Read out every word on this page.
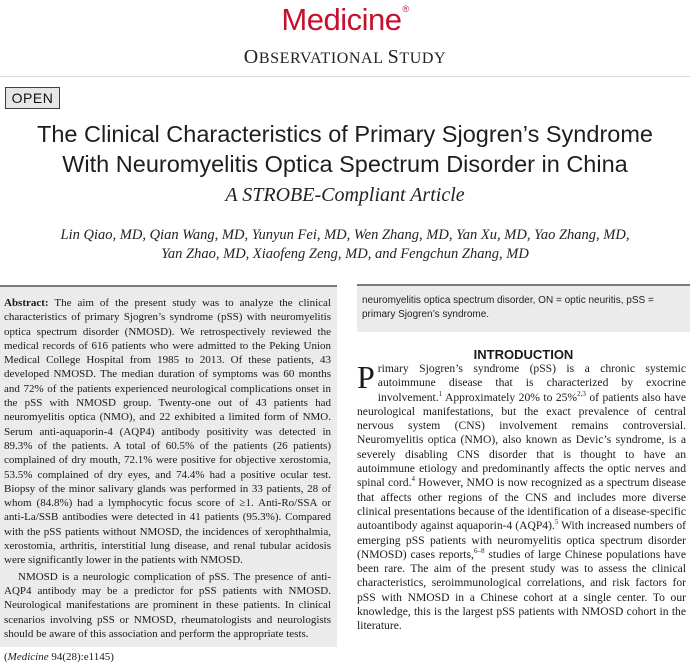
Medicine®
OBSERVATIONAL STUDY
OPEN
The Clinical Characteristics of Primary Sjogren’s Syndrome
With Neuromyelitis Optica Spectrum Disorder in China
A STROBE-Compliant Article
Lin Qiao, MD, Qian Wang, MD, Yunyun Fei, MD, Wen Zhang, MD, Yan Xu, MD, Yao Zhang, MD,
Yan Zhao, MD, Xiaofeng Zeng, MD, and Fengchun Zhang, MD

Abstract: The aim of the present study was to analyze the clinical characteristics of primary Sjogren’s syndrome (pSS) with neuromyelitis optica spectrum disorder (NMOSD). We retrospectively reviewed the medical records of 616 patients who were admitted to the Peking Union Medical College Hospital from 1985 to 2013. Of these patients, 43 developed NMOSD. The median duration of symptoms was 60 months and 72% of the patients experienced neurological complications onset in the pSS with NMOSD group. Twenty-one out of 43 patients had neuromyelitis optica (NMO), and 22 exhibited a limited form of NMO. Serum anti-aquaporin-4 (AQP4) antibody positivity was detected in 89.3% of the patients. A total of 60.5% of the patients (26 patients) complained of dry mouth, 72.1% were positive for objective xerostomia, 53.5% complained of dry eyes, and 74.4% had a positive ocular test. Biopsy of the minor salivary glands was performed in 33 patients, 28 of whom (84.8%) had a lymphocytic focus score of ≥1. Anti-Ro/SSA or anti-La/SSB antibodies were detected in 41 patients (95.3%). Compared with the pSS patients without NMOSD, the incidences of xerophthalmia, xerostomia, arthritis, interstitial lung disease, and renal tubular acidosis were significantly lower in the patients with NMOSD.

NMOSD is a neurologic complication of pSS. The presence of anti-AQP4 antibody may be a predictor for pSS patients with NMOSD. Neurological manifestations are prominent in these patients. In clinical scenarios involving pSS or NMOSD, rheumatologists and neurologists should be aware of this association and perform the appropriate tests.

(Medicine 94(28):e1145)

neuromyelitis optica spectrum disorder, ON = optic neuritis, pSS = primary Sjogren’s syndrome.
INTRODUCTION

Primary Sjogren’s syndrome (pSS) is a chronic systemic autoimmune disease that is characterized by exocrine involvement.$^1$ Approximately 20% to 25%$^{2,3}$ of patients also have neurological manifestations, but the exact prevalence of central nervous system (CNS) involvement remains controversial. Neuromyelitis optica (NMO), also known as Devic’s syndrome, is a severely disabling CNS disorder that is thought to have an autoimmune etiology and predominantly affects the optic nerves and spinal cord.$^4$ However, NMO is now recognized as a spectrum disease that affects other regions of the CNS and includes more diverse clinical presentations because of the identification of a disease-specific autoantibody against aquaporin-4 (AQP4).$^5$ With increased numbers of emerging pSS patients with neuromyelitis optica spectrum disorder (NMOSD) cases reports,$^{6-8}$ studies of large Chinese populations have been rare. The aim of the present study was to assess the clinical characteristics, seroimmunological correlations, and risk factors for pSS with NMOSD in a Chinese cohort at a single center. To our knowledge, this is the largest pSS patients with NMOSD cohort in the literature.
